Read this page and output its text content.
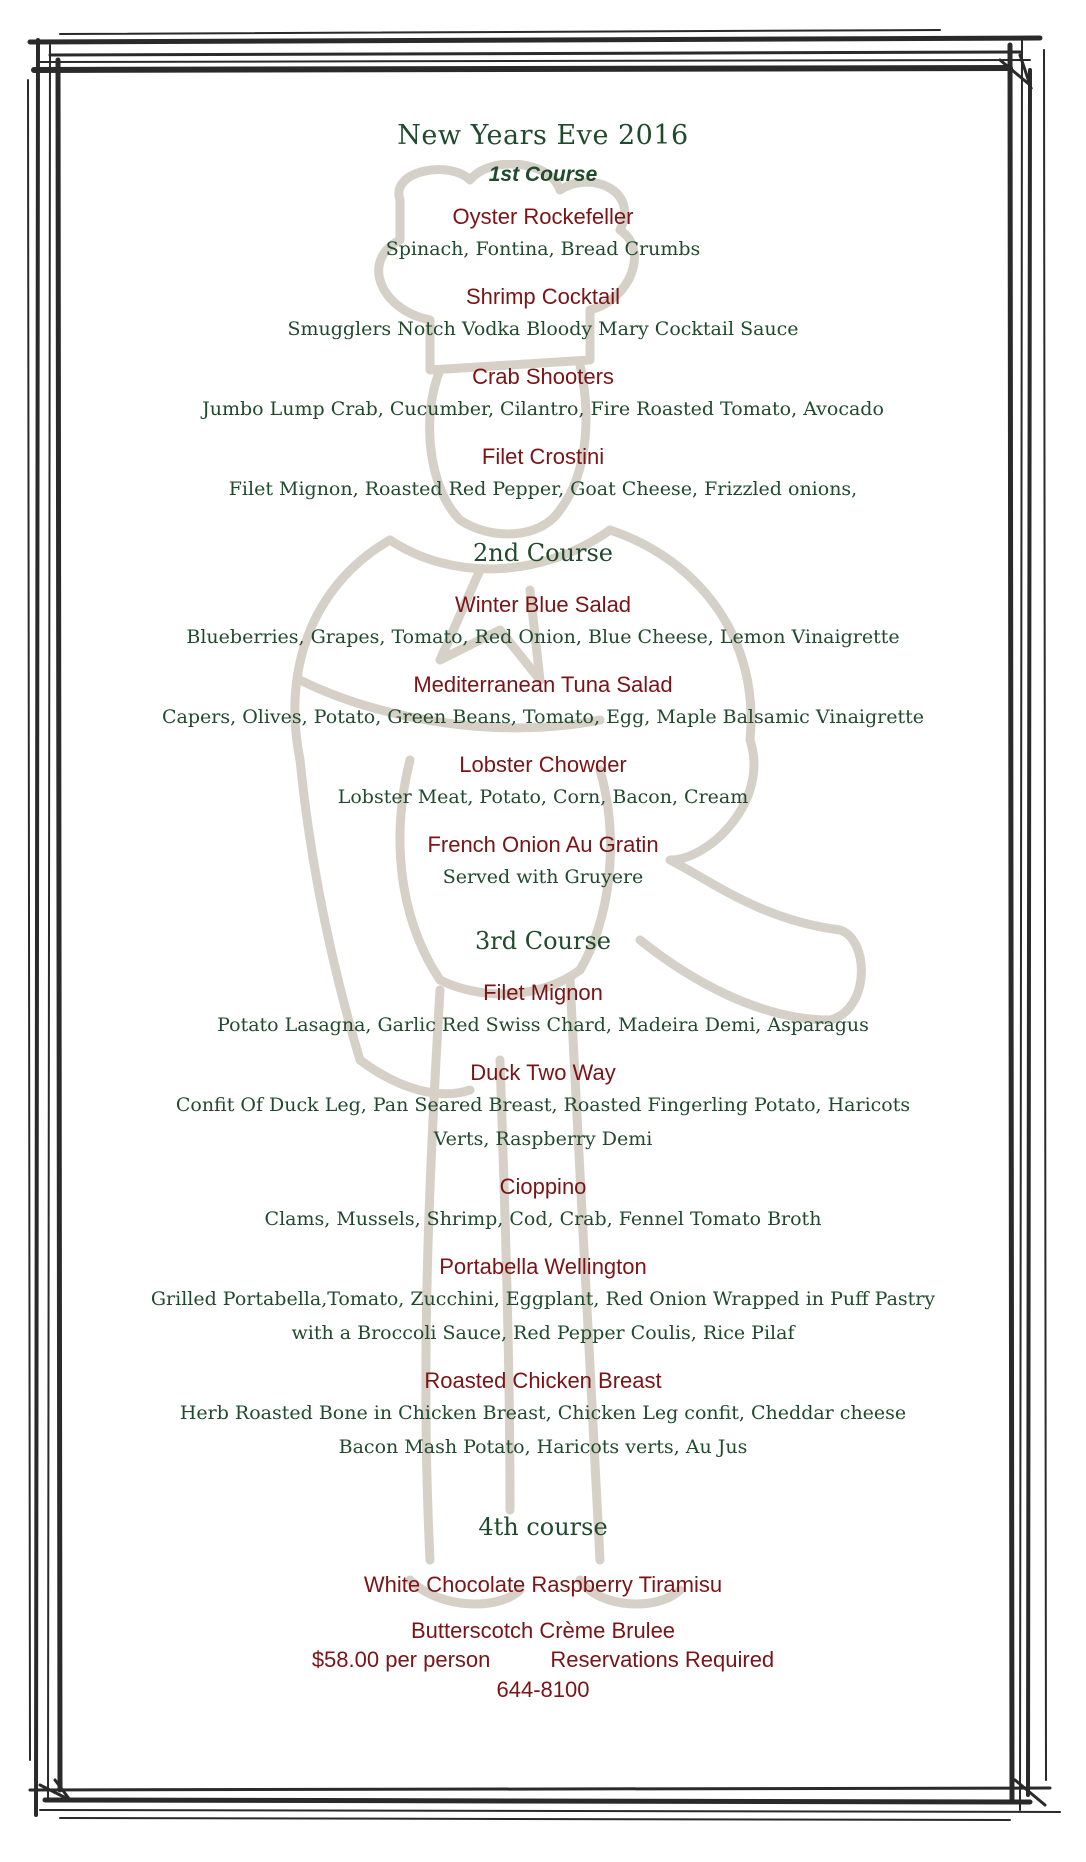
New Years Eve 2016
1st Course
Oyster Rockefeller
Spinach, Fontina, Bread Crumbs
Shrimp Cocktail
Smugglers Notch Vodka Bloody Mary Cocktail Sauce
Crab Shooters
Jumbo Lump Crab, Cucumber, Cilantro, Fire Roasted Tomato, Avocado
Filet Crostini
Filet Mignon, Roasted Red Pepper, Goat Cheese, Frizzled onions,
2nd Course
Winter Blue Salad
Blueberries, Grapes, Tomato, Red Onion, Blue Cheese, Lemon Vinaigrette
Mediterranean Tuna Salad
Capers, Olives, Potato, Green Beans, Tomato, Egg, Maple Balsamic Vinaigrette
Lobster Chowder
Lobster Meat, Potato, Corn, Bacon, Cream
French Onion Au Gratin
Served with Gruyere
3rd Course
Filet Mignon
Potato Lasagna, Garlic Red Swiss Chard, Madeira Demi, Asparagus
Duck Two Way
Confit Of Duck Leg, Pan Seared Breast, Roasted Fingerling Potato, Haricots
Verts, Raspberry Demi
Cioppino
Clams, Mussels, Shrimp, Cod, Crab, Fennel Tomato Broth
Portabella Wellington
Grilled Portabella,Tomato, Zucchini, Eggplant, Red Onion Wrapped in Puff Pastry
with a Broccoli Sauce, Red Pepper Coulis, Rice Pilaf
Roasted Chicken Breast
Herb Roasted Bone in Chicken Breast, Chicken Leg confit, Cheddar cheese
Bacon Mash Potato, Haricots verts, Au Jus
4th course
White Chocolate Raspberry Tiramisu
Butterscotch Crème Brulee
$58.00 per person	Reservations Required
644-8100
